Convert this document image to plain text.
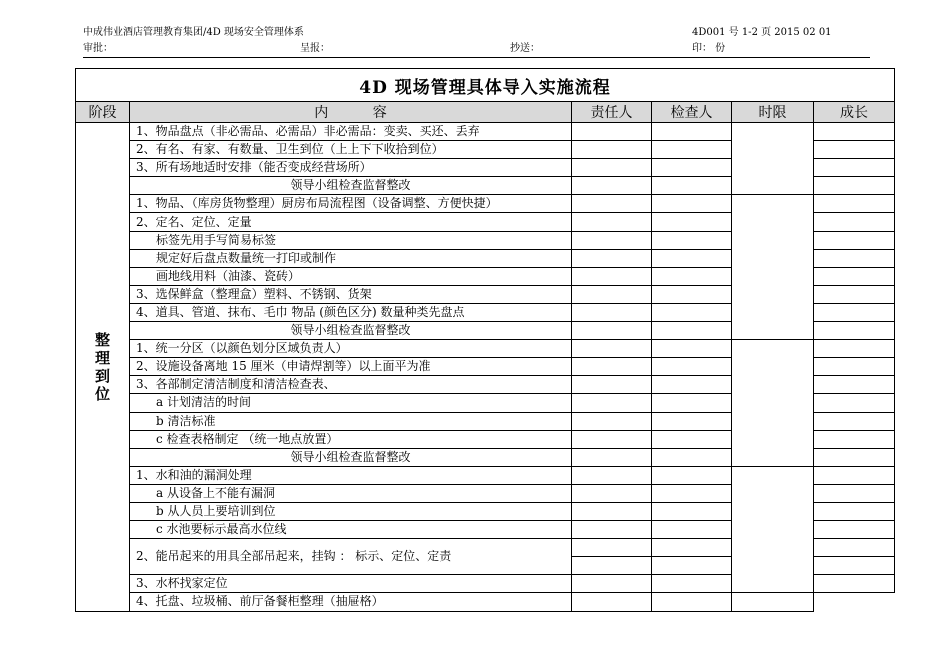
中成伟业酒店管理教育集团/4D 现场安全管理体系	4D001 号 1-2 页 2015 02 01
审批：	呈报：	抄送：	印： 份
4D 现场管理具体导入实施流程					
阶段	内          容	责任人	检查人	时限	成长
整理到位	1、物品盘点（非必需品、必需品）非必需品：变卖、买还、丢弃				
	2、有名、有家、有数量、卫生到位（上上下下收拾到位）				
	3、所有场地适时安排（能否变成经营场所）				
	领导小组检查监督整改				
	1、物品、（库房货物整理）厨房布局流程图（设备调整、方便快捷）				
	2、定名、定位、定量				
	标签先用手写简易标签				
	规定好后盘点数量统一打印或制作				
	画地线用料（油漆、瓷砖）				
	3、选保鲜盒（整理盒）塑料、不锈钢、货架				
	4、道具、管道、抹布、毛巾 物品 (颜色区分) 数量种类先盘点				
	领导小组检查监督整改				
	1、统一分区（以颜色划分区域负责人）				
	2、设施设备离地 15 厘米（申请焊割等）以上面平为准				
	3、各部制定清洁制度和清洁检查表、				
	a 计划清洁的时间				
	b 清洁标准				
	c 检查表格制定 （统一地点放置）				
	领导小组检查监督整改				
	1、水和油的漏洞处理				
	a 从设备上不能有漏洞				
	b 从人员上要培训到位				
	c 水池要标示最高水位线				
	2、能吊起来的用具全部吊起来，挂钩 ： 标示、定位、定责		

	3、水杯找家定位				
	4、托盘、垃圾桶、前厅备餐柜整理（抽屉格）				
